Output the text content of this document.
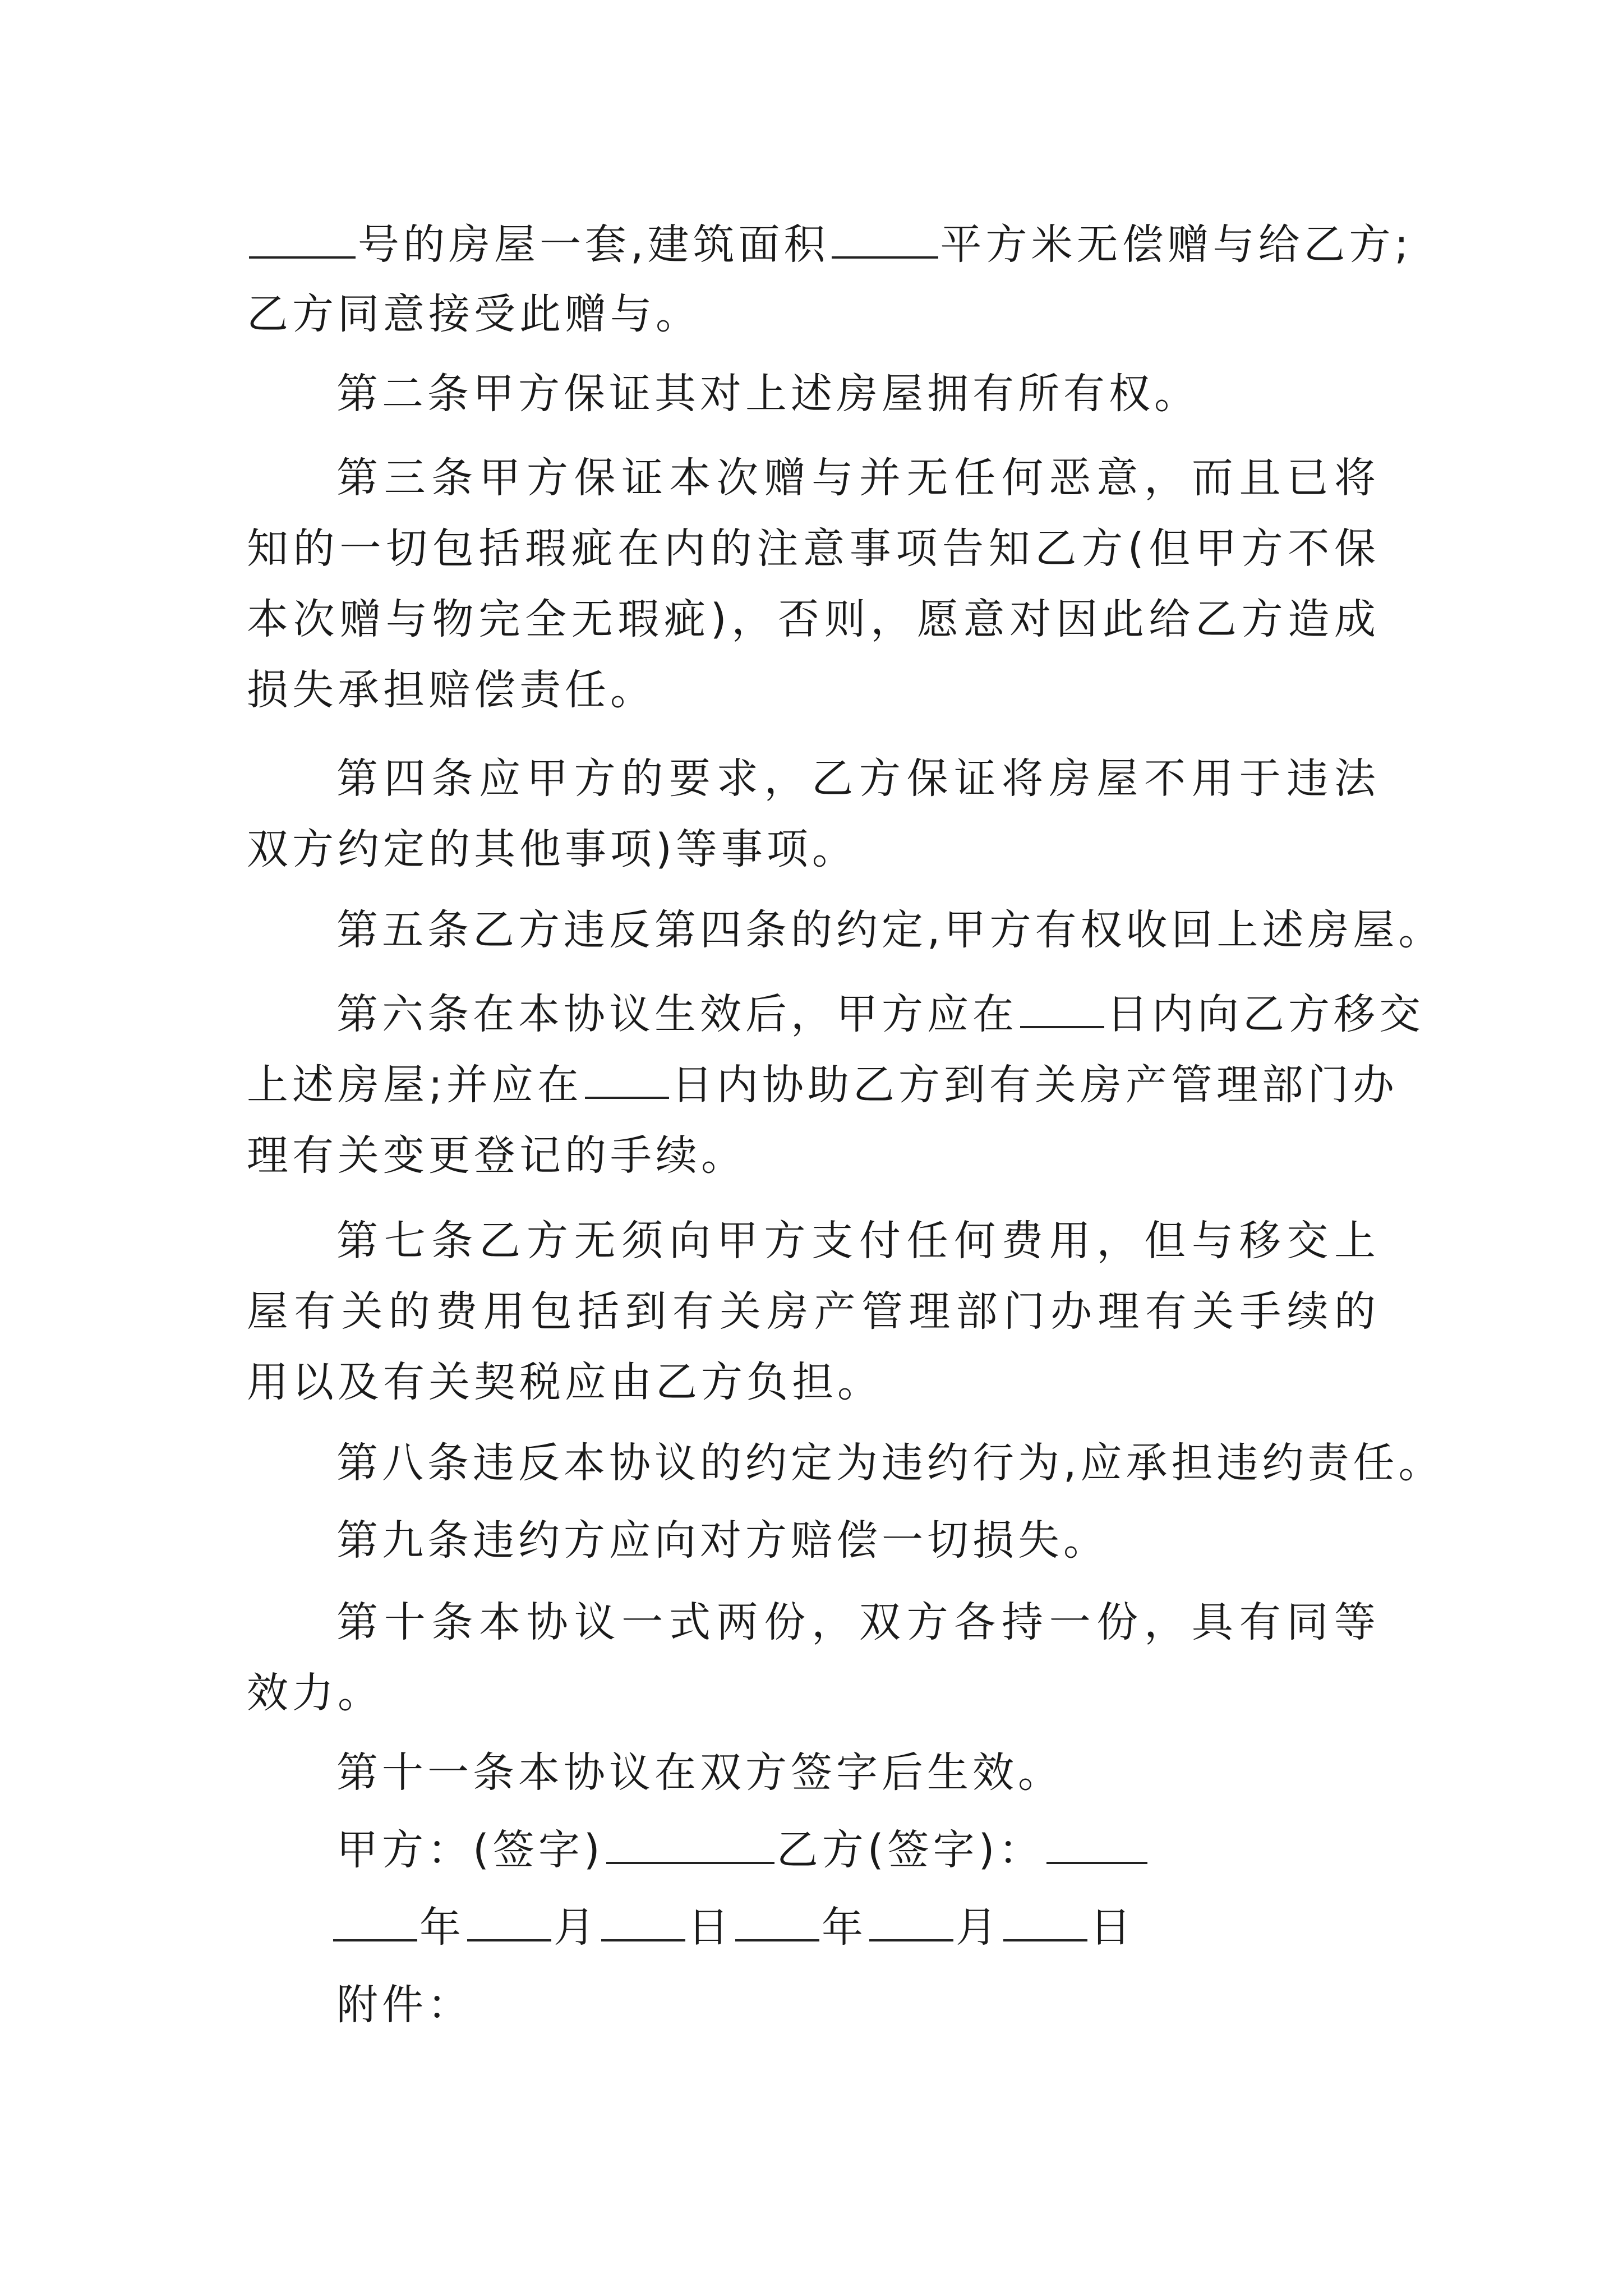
号的房屋一套,建筑面积	平方米无偿赠与给乙方;
乙方同意接受此赠与。
第二条甲方保证其对上述房屋拥有所有权。
第三条甲方保证本次赠与并无任何恶意，而且已将
知的一切包括瑕疵在内的注意事项告知乙方(但甲方不保
本次赠与物完全无瑕疵)，否则，愿意对因此给乙方造成
损失承担赔偿责任。
第四条应甲方的要求，乙方保证将房屋不用于违法
双方约定的其他事项)等事项。
第五条乙方违反第四条的约定,甲方有权收回上述房屋。
第六条在本协议生效后，甲方应在 日内向乙方移交
上述房屋;并应在 日内协助乙方到有关房产管理部门办
理有关变更登记的手续。
第七条乙方无须向甲方支付任何费用，但与移交上
屋有关的费用包括到有关房产管理部门办理有关手续的
用以及有关契税应由乙方负担。
第八条违反本协议的约定为违约行为,应承担违约责任。
第九条违约方应向对方赔偿一切损失。
第十条本协议一式两份，双方各持一份，具有同等
效力。
第十一条本协议在双方签字后生效。
甲方：(签字)	乙方(签字)：
年 月 日 年 月 日
附件：
